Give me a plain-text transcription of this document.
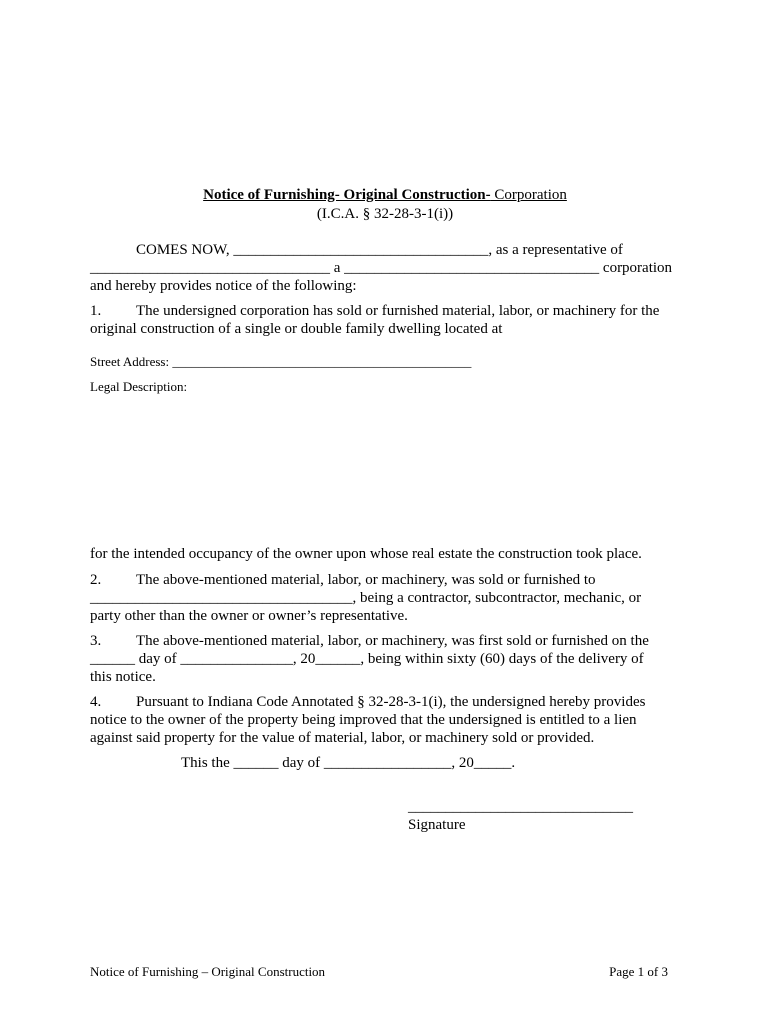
Notice of Furnishing- Original Construction- Corporation
(I.C.A. § 32-28-3-1(i))
COMES NOW, __________________________________, as a representative of
________________________________ a __________________________________ corporation
and hereby provides notice of the following:
1. The undersigned corporation has sold or furnished material, labor, or machinery for the
original construction of a single or double family dwelling located at
Street Address: ______________________________________________
Legal Description:
for the intended occupancy of the owner upon whose real estate the construction took place.
2. The above-mentioned material, labor, or machinery, was sold or furnished to
___________________________________, being a contractor, subcontractor, mechanic, or
party other than the owner or owner’s representative.
3. The above-mentioned material, labor, or machinery, was first sold or furnished on the
______ day of _______________, 20______, being within sixty (60) days of the delivery of
this notice.
4. Pursuant to Indiana Code Annotated § 32-28-3-1(i), the undersigned hereby provides
notice to the owner of the property being improved that the undersigned is entitled to a lien
against said property for the value of material, labor, or machinery sold or provided.
This the ______ day of _________________, 20_____.
______________________________
Signature
Notice of Furnishing – Original Construction	Page 1 of 3
